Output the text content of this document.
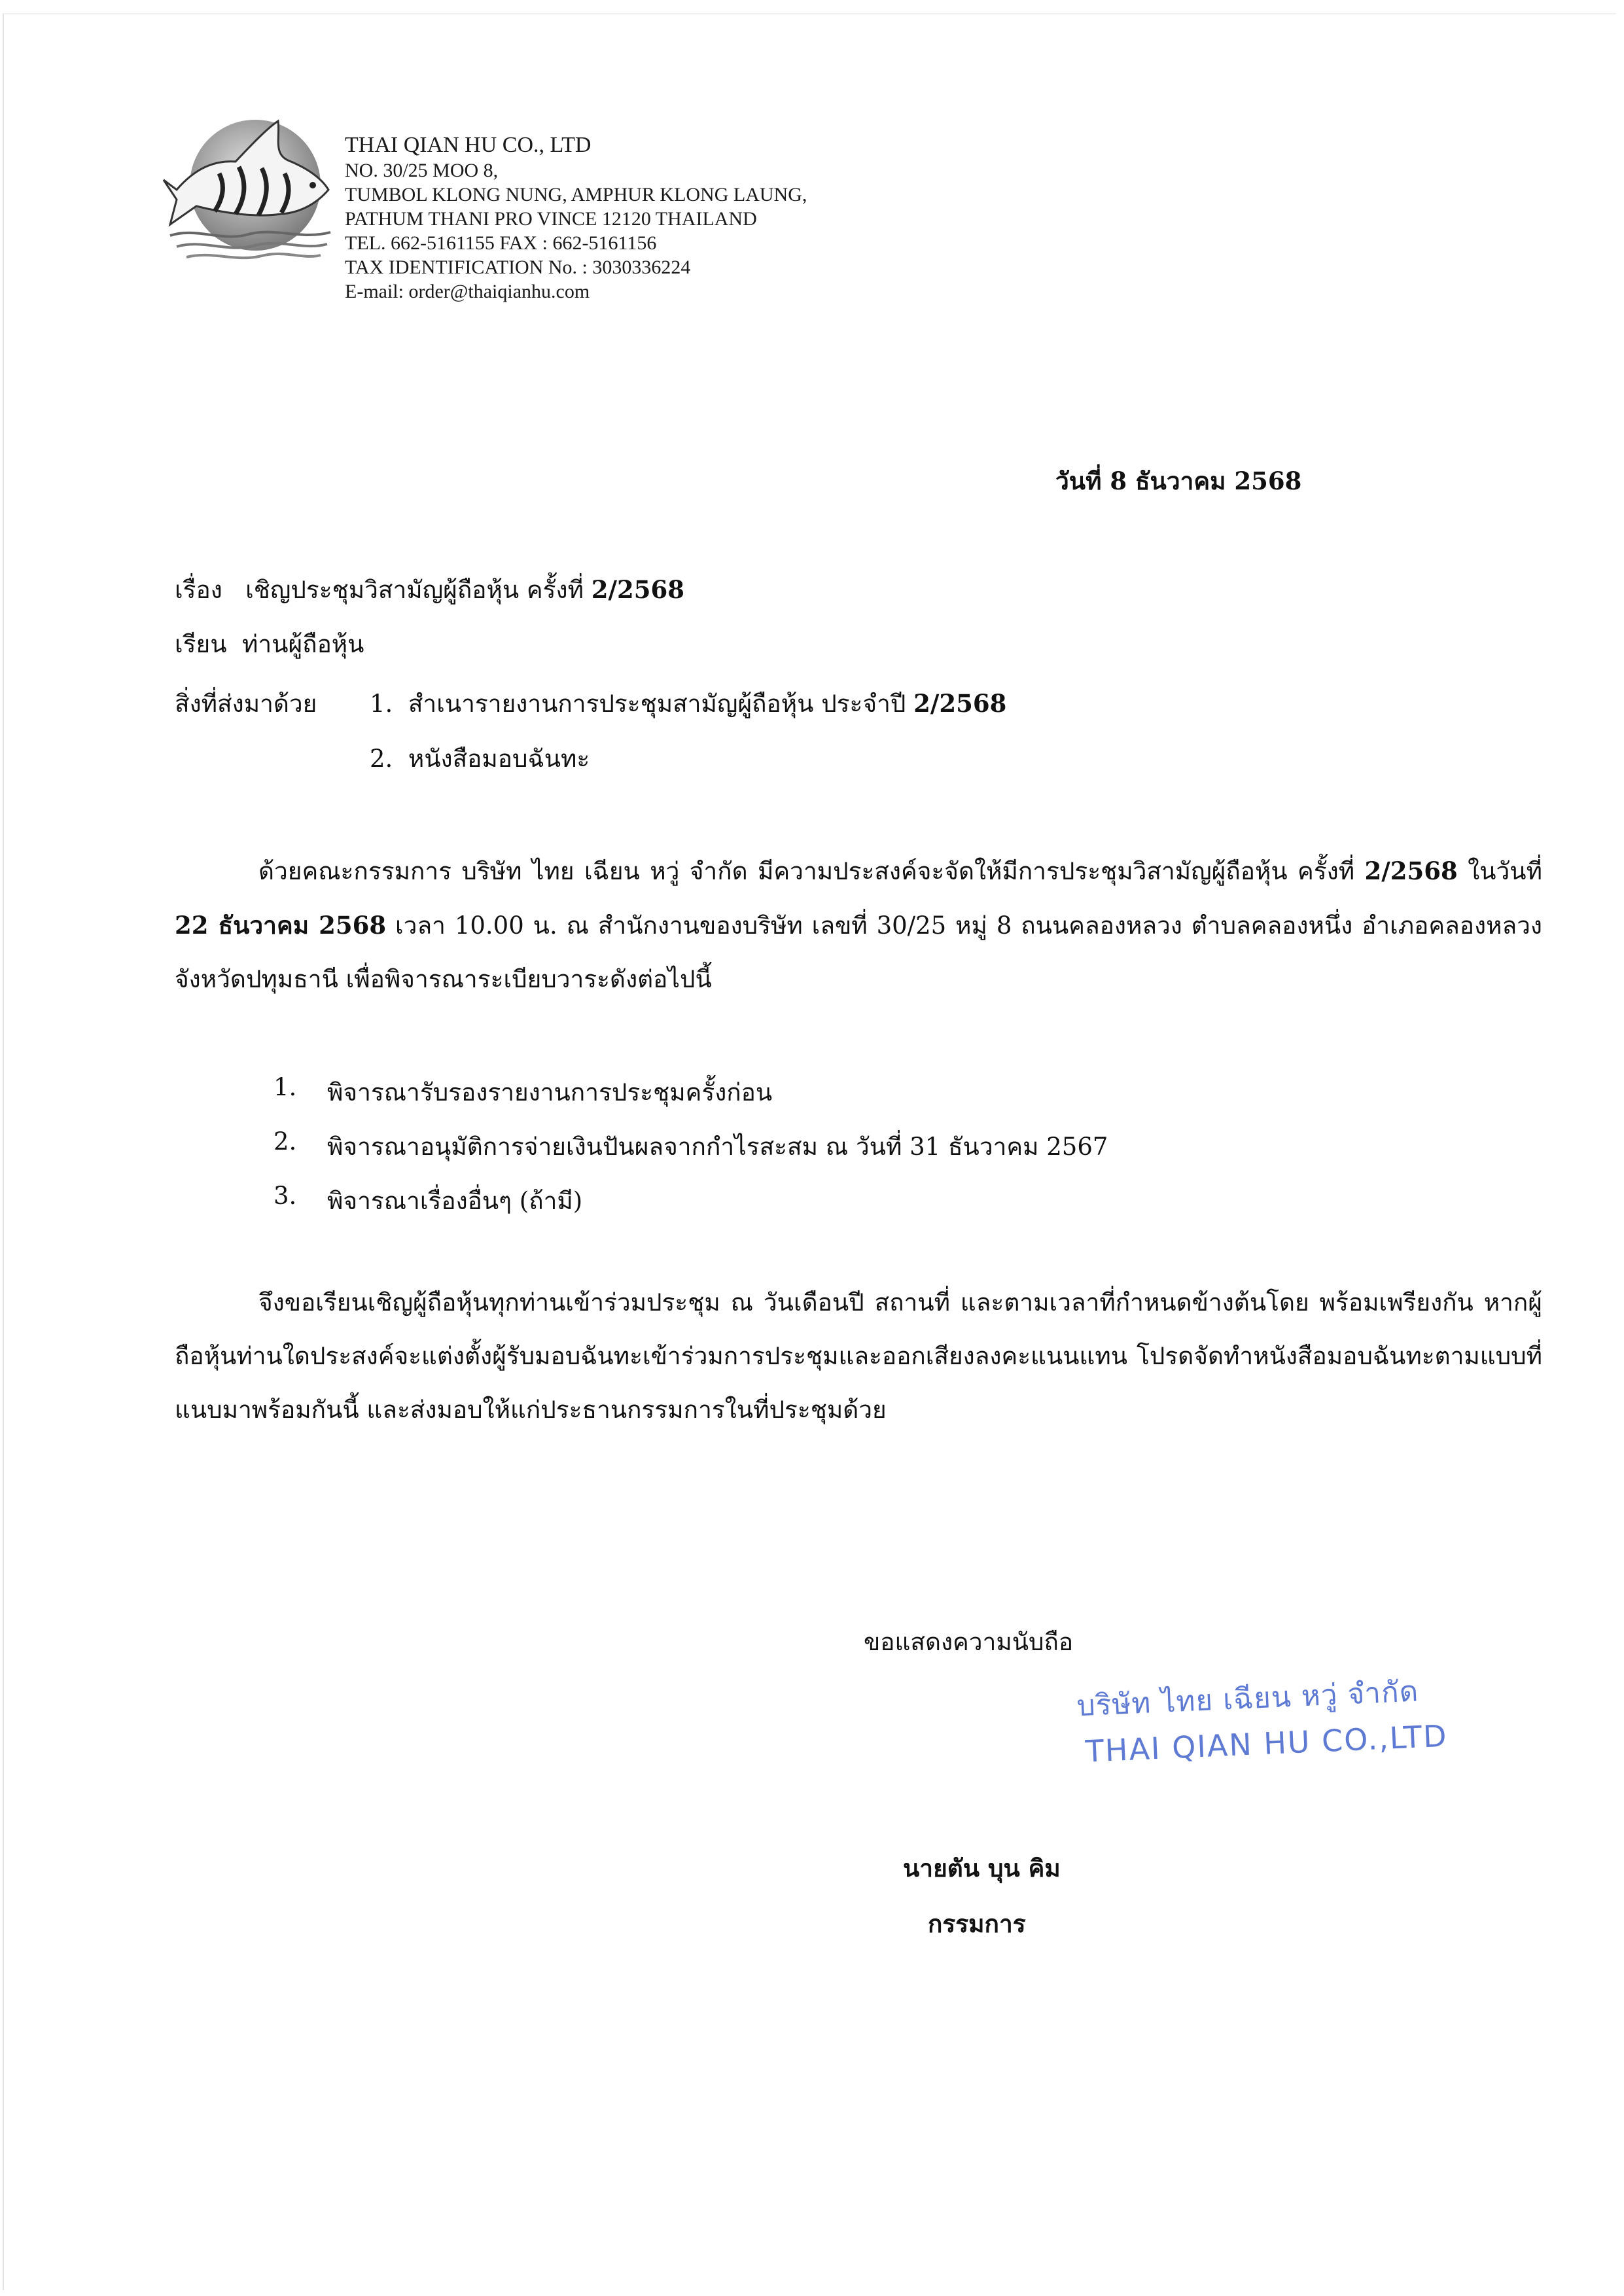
THAI QIAN HU CO., LTD
NO. 30/25 MOO 8,
TUMBOL KLONG NUNG, AMPHUR KLONG LAUNG,
PATHUM THANI PRO VINCE 12120 THAILAND
TEL. 662-5161155 FAX : 662-5161156
TAX IDENTIFICATION No. : 3030336224
E-mail: order@thaiqianhu.com
วันที่ 8 ธันวาคม 2568
เรื่อง เชิญประชุมวิสามัญผู้ถือหุ้น ครั้งที่ 2/2568
เรียน ท่านผู้ถือหุ้น
สิ่งที่ส่งมาด้วย 1. สำเนารายงานการประชุมสามัญผู้ถือหุ้น ประจำปี 2/2568
2. หนังสือมอบฉันทะ
ด้วยคณะกรรมการ บริษัท ไทย เฉียน หวู่ จำกัด มีความประสงค์จะจัดให้มีการประชุมวิสามัญผู้ถือหุ้น ครั้งที่ 2/2568 ในวันที่ 22 ธันวาคม 2568 เวลา 10.00 น. ณ สำนักงานของบริษัท เลขที่ 30/25 หมู่ 8 ถนนคลองหลวง ตำบลคลองหนึ่ง อำเภอคลองหลวง จังหวัดปทุมธานี เพื่อพิจารณาระเบียบวาระดังต่อไปนี้
1. พิจารณารับรองรายงานการประชุมครั้งก่อน
2. พิจารณาอนุมัติการจ่ายเงินปันผลจากกำไรสะสม ณ วันที่ 31 ธันวาคม 2567
3. พิจารณาเรื่องอื่นๆ (ถ้ามี)
จึงขอเรียนเชิญผู้ถือหุ้นทุกท่านเข้าร่วมประชุม ณ วันเดือนปี สถานที่ และตามเวลาที่กำหนดข้างต้นโดย พร้อมเพรียงกัน หากผู้ถือหุ้นท่านใดประสงค์จะแต่งตั้งผู้รับมอบฉันทะเข้าร่วมการประชุมและออกเสียงลงคะแนนแทน โปรดจัดทำหนังสือมอบฉันทะตามแบบที่แนบมาพร้อมกันนี้ และส่งมอบให้แก่ประธานกรรมการในที่ประชุมด้วย
ขอแสดงความนับถือ
บริษัท ไทย เฉียน หวู่ จำกัด
THAI QIAN HU CO.,LTD
นายตัน บุน คิม
กรรมการ
